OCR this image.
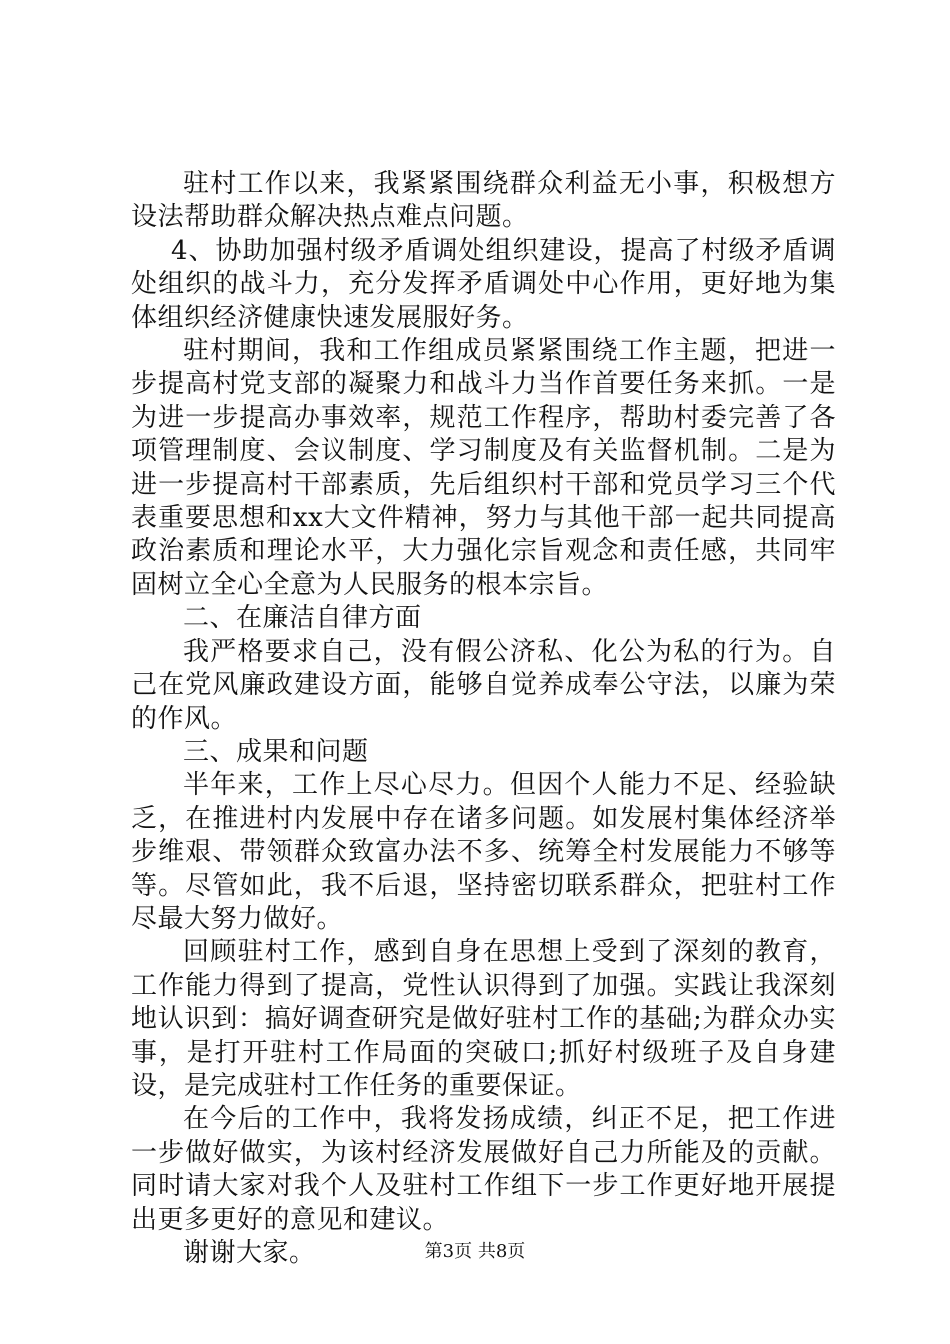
驻村工作以来，我紧紧围绕群众利益无小事，积极想方设法帮助群众解决热点难点问题。

4、协助加强村级矛盾调处组织建设，提高了村级矛盾调处组织的战斗力，充分发挥矛盾调处中心作用，更好地为集体组织经济健康快速发展服好务。

驻村期间，我和工作组成员紧紧围绕工作主题，把进一步提高村党支部的凝聚力和战斗力当作首要任务来抓。一是为进一步提高办事效率，规范工作程序，帮助村委完善了各项管理制度、会议制度、学习制度及有关监督机制。二是为进一步提高村干部素质，先后组织村干部和党员学习三个代表重要思想和xx大文件精神，努力与其他干部一起共同提高政治素质和理论水平，大力强化宗旨观念和责任感，共同牢固树立全心全意为人民服务的根本宗旨。

二、在廉洁自律方面

我严格要求自己，没有假公济私、化公为私的行为。自己在党风廉政建设方面，能够自觉养成奉公守法，以廉为荣的作风。

三、成果和问题

半年来，工作上尽心尽力。但因个人能力不足、经验缺乏，在推进村内发展中存在诸多问题。如发展村集体经济举步维艰、带领群众致富办法不多、统筹全村发展能力不够等等。尽管如此，我不后退，坚持密切联系群众，把驻村工作尽最大努力做好。

回顾驻村工作，感到自身在思想上受到了深刻的教育，工作能力得到了提高，党性认识得到了加强。实践让我深刻地认识到：搞好调查研究是做好驻村工作的基础;为群众办实事，是打开驻村工作局面的突破口;抓好村级班子及自身建设，是完成驻村工作任务的重要保证。

在今后的工作中，我将发扬成绩，纠正不足，把工作进一步做好做实，为该村经济发展做好自己力所能及的贡献。同时请大家对我个人及驻村工作组下一步工作更好地开展提出更多更好的意见和建议。

谢谢大家。	第3页 共8页
